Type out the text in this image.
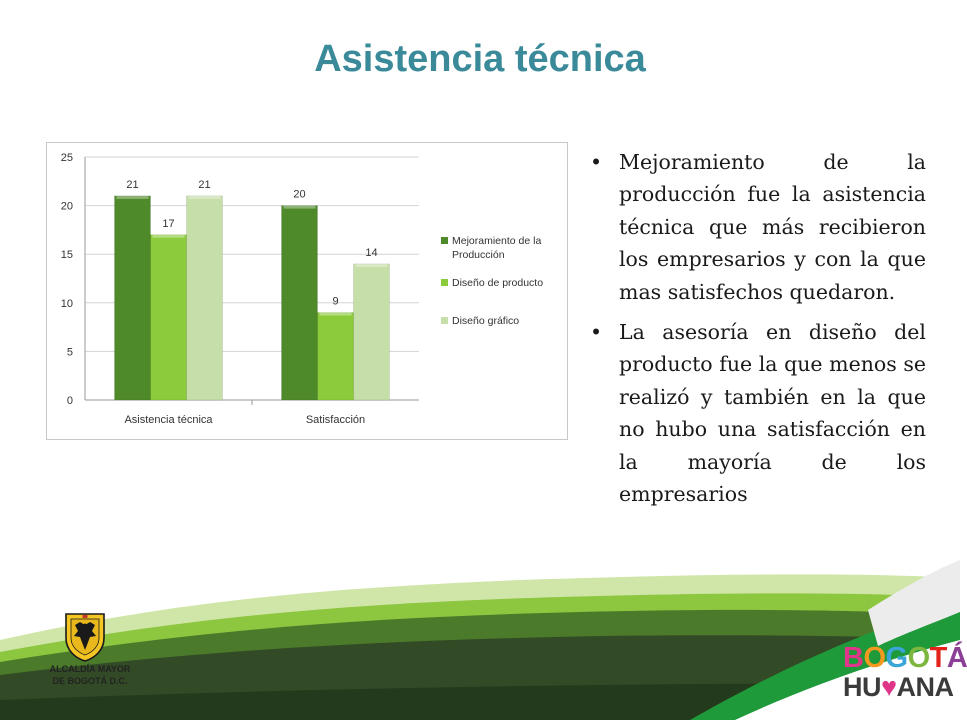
Asistencia técnica
0
5
10
15
20
25
21
17
21
Asistencia técnica
20
9
14
Satisfacción
Mejoramiento de la
Producción
Diseño de producto
Diseño gráfico
• Mejoramiento de la producción fue la asistencia técnica que más recibieron los empresarios y con la que mas satisfechos quedaron.
• La asesoría en diseño del producto fue la que menos se realizó y también en la que no hubo una satisfacción en la mayoría de los empresarios

ALCALDÍA MAYOR

DE BOGOTÁ D.C.

BOGOTÁ
HU♥ANA
